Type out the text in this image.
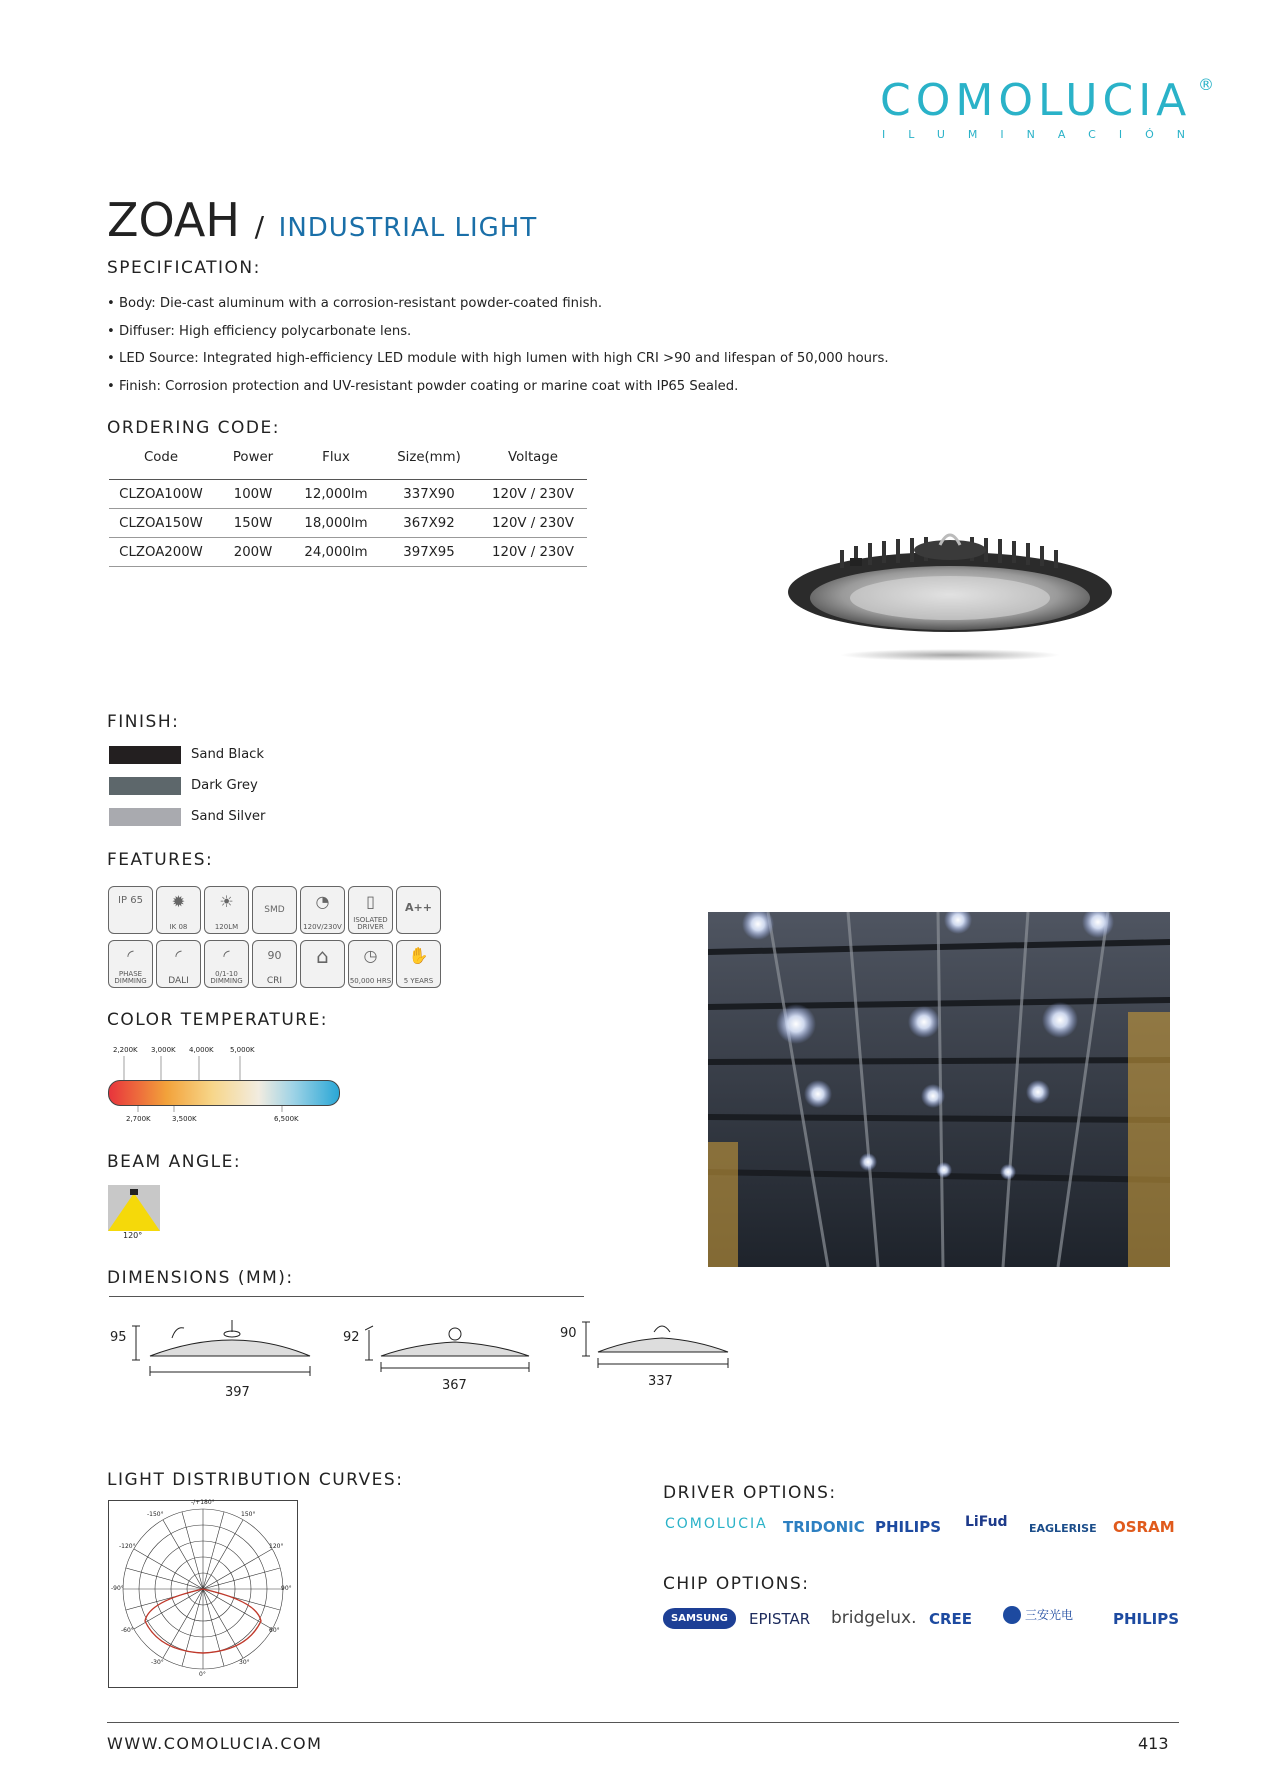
COMOLUCIA
ILUMINACIÓN
®
ZOAH / INDUSTRIAL LIGHT
SPECIFICATION:
• Body: Die-cast aluminum with a corrosion-resistant powder-coated finish.
• Diffuser: High efficiency polycarbonate lens.
• LED Source: Integrated high-efficiency LED module with high lumen with high CRI >90 and lifespan of 50,000 hours.
• Finish: Corrosion protection and UV-resistant powder coating or marine coat with IP65 Sealed.
ORDERING CODE:
Code	Power	Flux	Size(mm)	Voltage
CLZOA100W	100W	12,000lm	337X90	120V / 230V
CLZOA150W	150W	18,000lm	367X92	120V / 230V
CLZOA200W	200W	24,000lm	397X95	120V / 230V
FINISH:
Sand Black
Dark Grey
Sand Silver
FEATURES:
IP 65	✹
IK 08
☀
120LM
SMD	◔
120V/230V
▯
ISOLATED DRIVER
A++
◜
PHASE DIMMING
◜
DALI
◜
0/1-10 DIMMING
90
CRI
⌂	◷
50,000 HRS
✋
5 YEARS
COLOR TEMPERATURE:
2,200K 3,000K 4,000K 5,000K
2,700K	3,500K	6,500K
BEAM ANGLE:
120°
DIMENSIONS (MM):
95
397
92
367
90
337
LIGHT DISTRIBUTION CURVES:
-/+180°
-150°	150°
-120°	120°
-90°	90°
-60°	60°
-30°	30°
0°
DRIVER OPTIONS:
COMOLUCIA TRIDONIC PHILIPS LiFud EAGLERISE OSRAM
CHIP OPTIONS:
SAMSUNG	EPISTAR bridgelux. CREE	三安光电	PHILIPS
WWW.COMOLUCIA.COM	413
